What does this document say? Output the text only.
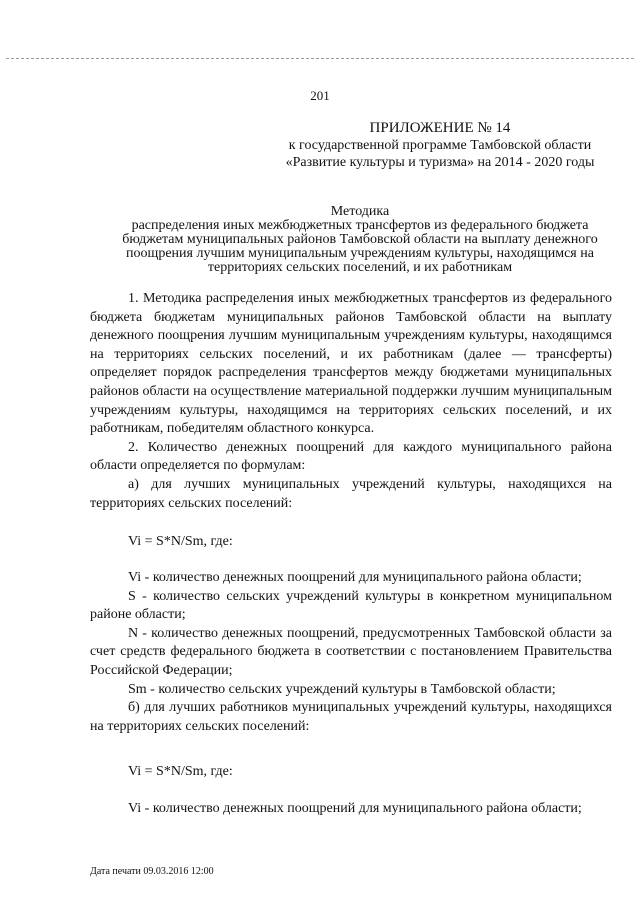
201
ПРИЛОЖЕНИЕ № 14
к государственной программе Тамбовской области
«Развитие культуры и туризма» на 2014 - 2020 годы
Методика
распределения иных межбюджетных трансфертов из федерального бюджета
бюджетам муниципальных районов Тамбовской области на выплату денежного
поощрения лучшим муниципальным учреждениям культуры, находящимся на
территориях сельских поселений, и их работникам

1. Методика распределения иных межбюджетных трансфертов из федерального бюджета бюджетам муниципальных районов Тамбовской области на выплату денежного поощрения лучшим муниципальным учреждениям культуры, находящимся на территориях сельских поселений, и их работникам (далее — трансферты) определяет порядок распределения трансфертов между бюджетами муниципальных районов области на осуществление материальной поддержки лучшим муниципальным учреждениям культуры, находящимся на территориях сельских поселений, и их работникам, победителям областного конкурса.

2. Количество денежных поощрений для каждого муниципального района области определяется по формулам:

а) для лучших муниципальных учреждений культуры, находящихся на территориях сельских поселений:

Vi = S*N/Sm, где:

Vi - количество денежных поощрений для муниципального района области;

S - количество сельских учреждений культуры в конкретном муниципальном районе области;

N - количество денежных поощрений, предусмотренных Тамбовской области за счет средств федерального бюджета в соответствии с постановлением Правительства Российской Федерации;

Sm - количество сельских учреждений культуры в Тамбовской области;

б) для лучших работников муниципальных учреждений культуры, находящихся на территориях сельских поселений:

Vi = S*N/Sm, где:

Vi - количество денежных поощрений для муниципального района области;

Дата печати 09.03.2016 12:00
